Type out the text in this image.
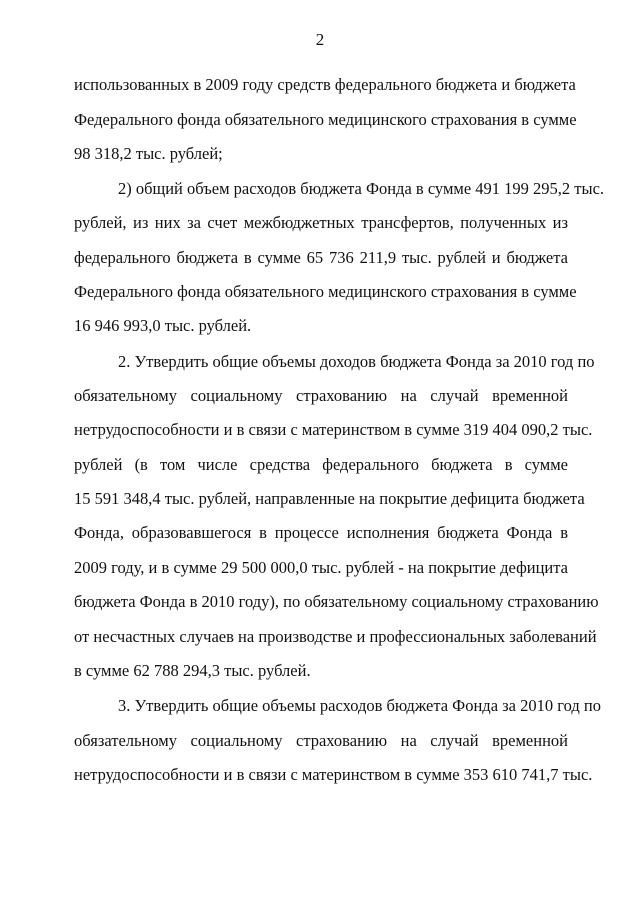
2
использованных в 2009 году средств федерального бюджета и бюджета
Федерального фонда обязательного медицинского страхования в сумме
98 318,2 тыс. рублей;
2) общий объем расходов бюджета Фонда в сумме 491 199 295,2 тыс.
рублей, из них за счет межбюджетных трансфертов, полученных из
федерального бюджета в сумме 65 736 211,9 тыс. рублей и бюджета
Федерального фонда обязательного медицинского страхования в сумме
16 946 993,0 тыс. рублей.
2. Утвердить общие объемы доходов бюджета Фонда за 2010 год по
обязательному социальному страхованию на случай временной
нетрудоспособности и в связи с материнством в сумме 319 404 090,2 тыс.
рублей (в том числе средства федерального бюджета в сумме
15 591 348,4 тыс. рублей, направленные на покрытие дефицита бюджета
Фонда, образовавшегося в процессе исполнения бюджета Фонда в
2009 году, и в сумме 29 500 000,0 тыс. рублей - на покрытие дефицита
бюджета Фонда в 2010 году), по обязательному социальному страхованию
от несчастных случаев на производстве и профессиональных заболеваний
в сумме 62 788 294,3 тыс. рублей.
3. Утвердить общие объемы расходов бюджета Фонда за 2010 год по
обязательному социальному страхованию на случай временной
нетрудоспособности и в связи с материнством в сумме 353 610 741,7 тыс.
